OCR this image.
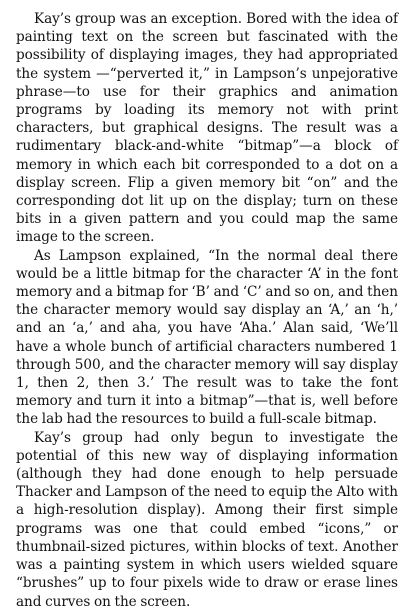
Kay’s group was an exception. Bored with the idea of painting text on the screen but fascinated with the possibility of displaying images, they had appropriated the system —“perverted it,” in Lampson’s unpejorative phrase—to use for their graphics and animation programs by loading its memory not with print characters, but graphical designs. The result was a rudimentary black-and-white “bitmap”—a block of memory in which each bit corresponded to a dot on a display screen. Flip a given memory bit “on” and the corresponding dot lit up on the display; turn on these bits in a given pattern and you could map the same image to the screen.

As Lampson explained, “In the normal deal there would be a little bitmap for the character ‘A’ in the font memory and a bitmap for ‘B’ and ‘C’ and so on, and then the character memory would say display an ‘A,’ an ‘h,’ and an ‘a,’ and aha, you have ‘Aha.’ Alan said, ‘We’ll have a whole bunch of artificial characters numbered 1 through 500, and the character memory will say display 1, then 2, then 3.’ The result was to take the font memory and turn it into a bitmap”—that is, well before the lab had the resources to build a full-scale bitmap.

Kay’s group had only begun to investigate the potential of this new way of displaying information (although they had done enough to help persuade Thacker and Lampson of the need to equip the Alto with a high-resolution display). Among their first simple programs was one that could embed “icons,” or thumbnail-sized pictures, within blocks of text. Another was a painting system in which users wielded square “brushes” up to four pixels wide to draw or erase lines and curves on the screen.
